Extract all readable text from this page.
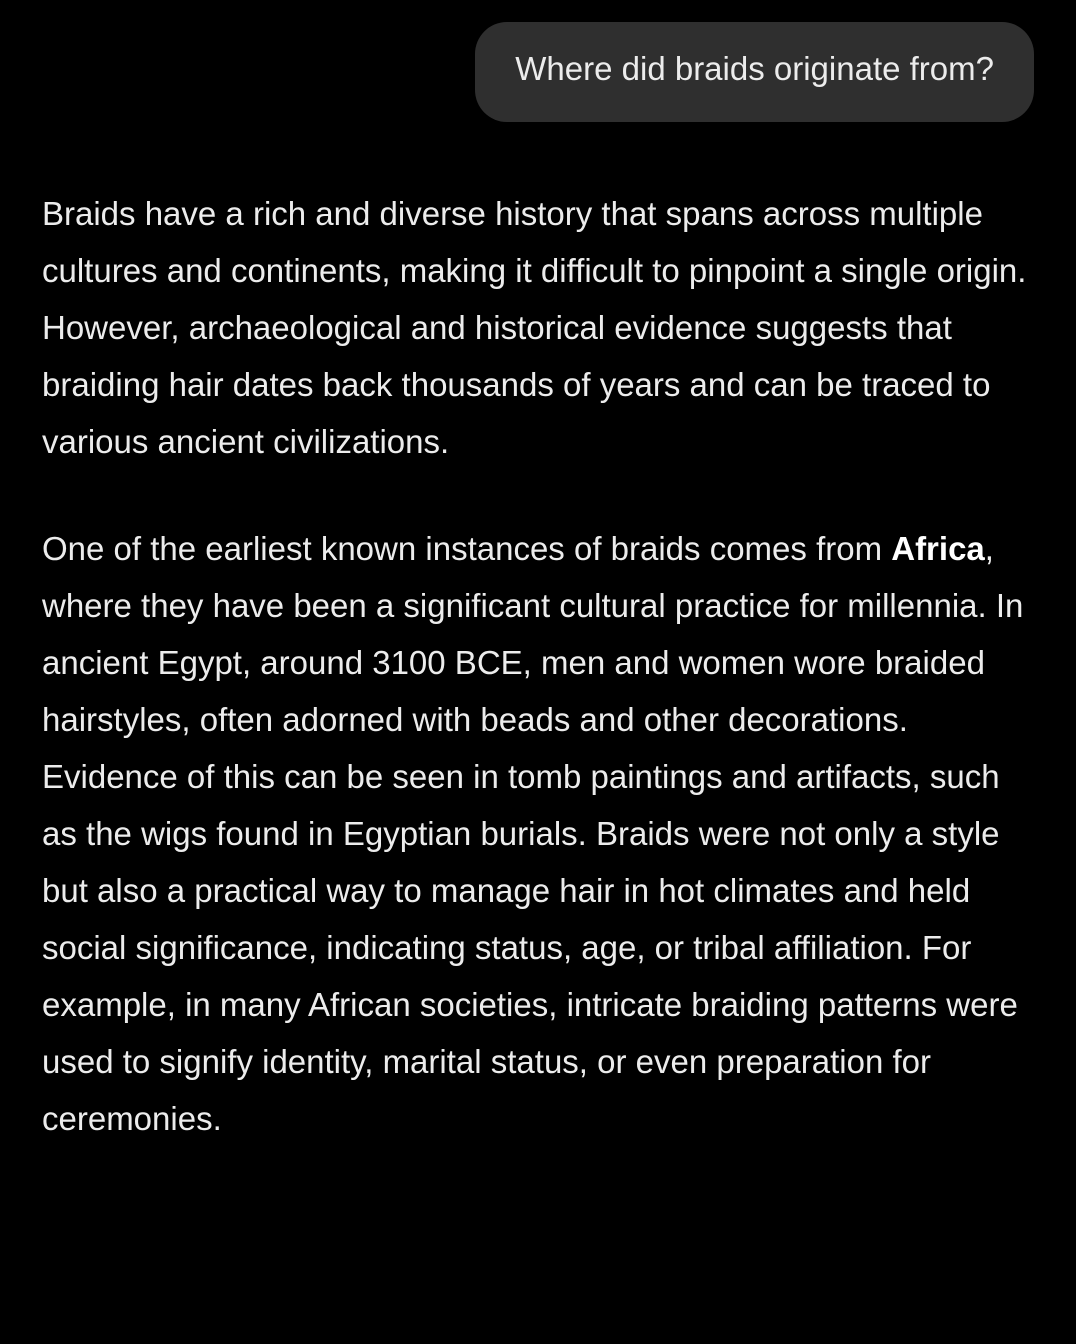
Where did braids originate from?

Braids have a rich and diverse history that spans across multiple cultures and continents, making it difficult to pinpoint a single origin. However, archaeological and historical evidence suggests that braiding hair dates back thousands of years and can be traced to various ancient civilizations.

One of the earliest known instances of braids comes from Africa, where they have been a significant cultural practice for millennia. In ancient Egypt, around 3100 BCE, men and women wore braided hairstyles, often adorned with beads and other decorations. Evidence of this can be seen in tomb paintings and artifacts, such as the wigs found in Egyptian burials. Braids were not only a style but also a practical way to manage hair in hot climates and held social significance, indicating status, age, or tribal affiliation. For example, in many African societies, intricate braiding patterns were used to signify identity, marital status, or even preparation for ceremonies.
